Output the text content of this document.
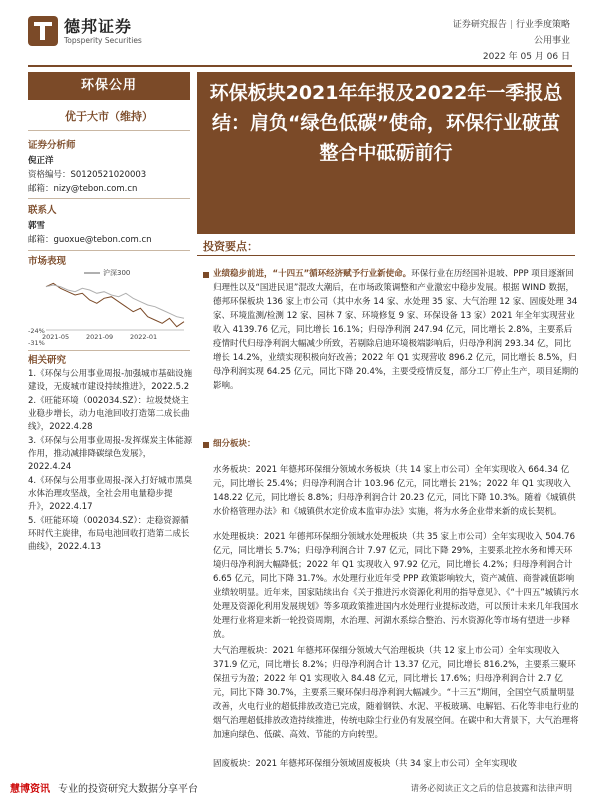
德邦证券
Topsperity Securities
证券研究报告 | 行业季度策略
公用事业
2022 年 05 月 06 日
环保公用
优于大市（维持）
证券分析师
倪正洋
资格编号：S0120521020003
邮箱：nizy@tebon.com.cn
联系人
郭雪
邮箱：guoxue@tebon.com.cn
市场表现
沪深300
-24%
-31%
2021-05	2021-09	2022-01
相关研究
1.《环保与公用事业周报-加强城市基础设施建设，无废城市建设持续推进》，2022.5.2
2.《旺能环境（002034.SZ）：垃圾焚烧主业稳步增长，动力电池回收打造第二成长曲线》，2022.4.28
3.《环保与公用事业周报-发挥煤炭主体能源作用，推动减排降碳绿色发展》，2022.4.24
4.《环保与公用事业周报-深入打好城市黑臭水体治理攻坚战，全社会用电量稳步提升》，2022.4.17
5.《旺能环境（002034.SZ）：走稳资源循环时代主旋律，布局电池回收打造第二成长曲线》，2022.4.13
环保板块2021年年报及2022年一季报总结：肩负“绿色低碳”使命，环保行业破茧整合中砥砺前行
投资要点：
业绩稳步前进，“十四五”循环经济赋予行业新使命。环保行业在历经国补退坡、PPP 项目逐渐回归理性以及“国进民退”混改大潮后，在市场政策调整和产业激宏中稳步发展。根据 WIND 数据，德邦环保板块 136 家上市公司（其中水务 14 家、水处理 35 家、大气治理 12 家、固废处理 34 家、环境监测/检测 12 家、园林 7 家、环境修复 9 家、环保设备 13 家）2021 年全年实现营业收入 4139.76 亿元，同比增长 16.1%；归母净利润 247.94 亿元，同比增长 2.8%，主要系后疫情时代归母净利润大幅减少所致，若剔除启迪环境极端影响后，归母净利润 293.34 亿，同比增长 14.2%，业绩实现积极向好改善；2022 年 Q1 实现营收 896.2 亿元，同比增长 8.5%，归母净利润实现 64.25 亿元，同比下降 20.4%，主要受疫情反复，部分工厂停止生产，项目延期的影响。
细分板块：
水务板块：2021 年德邦环保细分领域水务板块（共 14 家上市公司）全年实现收入 664.34 亿元，同比增长 25.4%；归母净利润合计 103.96 亿元，同比增长 21%；2022 年 Q1 实现收入 148.22 亿元，同比增长 8.8%；归母净利润合计 20.23 亿元，同比下降 10.3%。随着《城镇供水价格管理办法》和《城镇供水定价成本监审办法》实施，将为水务企业带来新的成长契机。
水处理板块：2021 年德邦环保细分领域水处理板块（共 35 家上市公司）全年实现收入 504.76 亿元，同比增长 5.7%；归母净利润合计 7.97 亿元，同比下降 29%，主要系北控水务和博天环境归母净利润大幅降低；2022 年 Q1 实现收入 97.92 亿元，同比增长 4.2%；归母净利润合计 6.65 亿元，同比下降 31.7%。水处理行业近年受 PPP 政策影响较大，资产减值、商誉减值影响业绩较明显。近年来，国家陆续出台《关于推进污水资源化利用的指导意见》、《“十四五”城镇污水处理及资源化利用发展规划》等多项政策推进国内水处理行业提标改造，可以预计未来几年我国水处理行业将迎来新一轮投资周期，水治理、河湖水系综合整治、污水资源化等市场有望进一步释放。
大气治理板块：2021 年德邦环保细分领域大气治理板块（共 12 家上市公司）全年实现收入 371.9 亿元，同比增长 8.2%；归母净利润合计 13.37 亿元，同比增长 816.2%，主要系三聚环保扭亏为盈；2022 年 Q1 实现收入 84.48 亿元，同比增长 17.6%；归母净利润合计 2.7 亿元，同比下降 30.7%，主要系三聚环保归母净利润大幅减少。“十三五”期间，全国空气质量明显改善，火电行业的超低排放改造已完成，随着钢铁、水泥、平板玻璃、电解铝、石化等非电行业的烟气治理超低排放改造持续推进，传统电除尘行业仍有发展空间。在碳中和大背景下，大气治理将加速向绿色、低碳、高效、节能的方向转型。
固废板块：2021 年德邦环保细分领域固废板块（共 34 家上市公司）全年实现收
慧博资讯 专业的投资研究大数据分享平台	请务必阅读正文之后的信息披露和法律声明
